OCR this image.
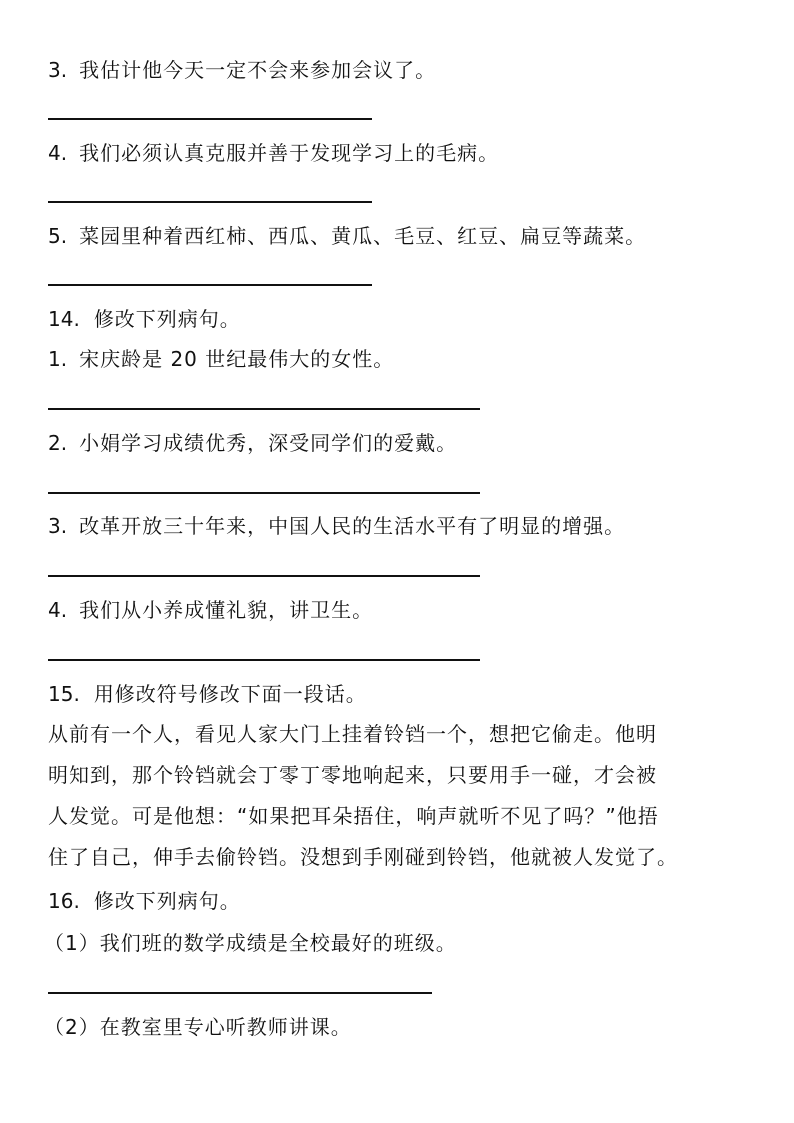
3. 我估计他今天一定不会来参加会议了。
4. 我们必须认真克服并善于发现学习上的毛病。
5. 菜园里种着西红柿、西瓜、黄瓜、毛豆、红豆、扁豆等蔬菜。
14. 修改下列病句。
1. 宋庆龄是 20 世纪最伟大的女性。
2. 小娟学习成绩优秀，深受同学们的爱戴。
3. 改革开放三十年来，中国人民的生活水平有了明显的增强。
4. 我们从小养成懂礼貌，讲卫生。
15. 用修改符号修改下面一段话。
从前有一个人，看见人家大门上挂着铃铛一个，想把它偷走。他明
明知到，那个铃铛就会丁零丁零地响起来，只要用手一碰，才会被
人发觉。可是他想：“如果把耳朵捂住，响声就听不见了吗？”他捂
住了自己，伸手去偷铃铛。没想到手刚碰到铃铛，他就被人发觉了。
16. 修改下列病句。
（1）我们班的数学成绩是全校最好的班级。
（2）在教室里专心听教师讲课。
